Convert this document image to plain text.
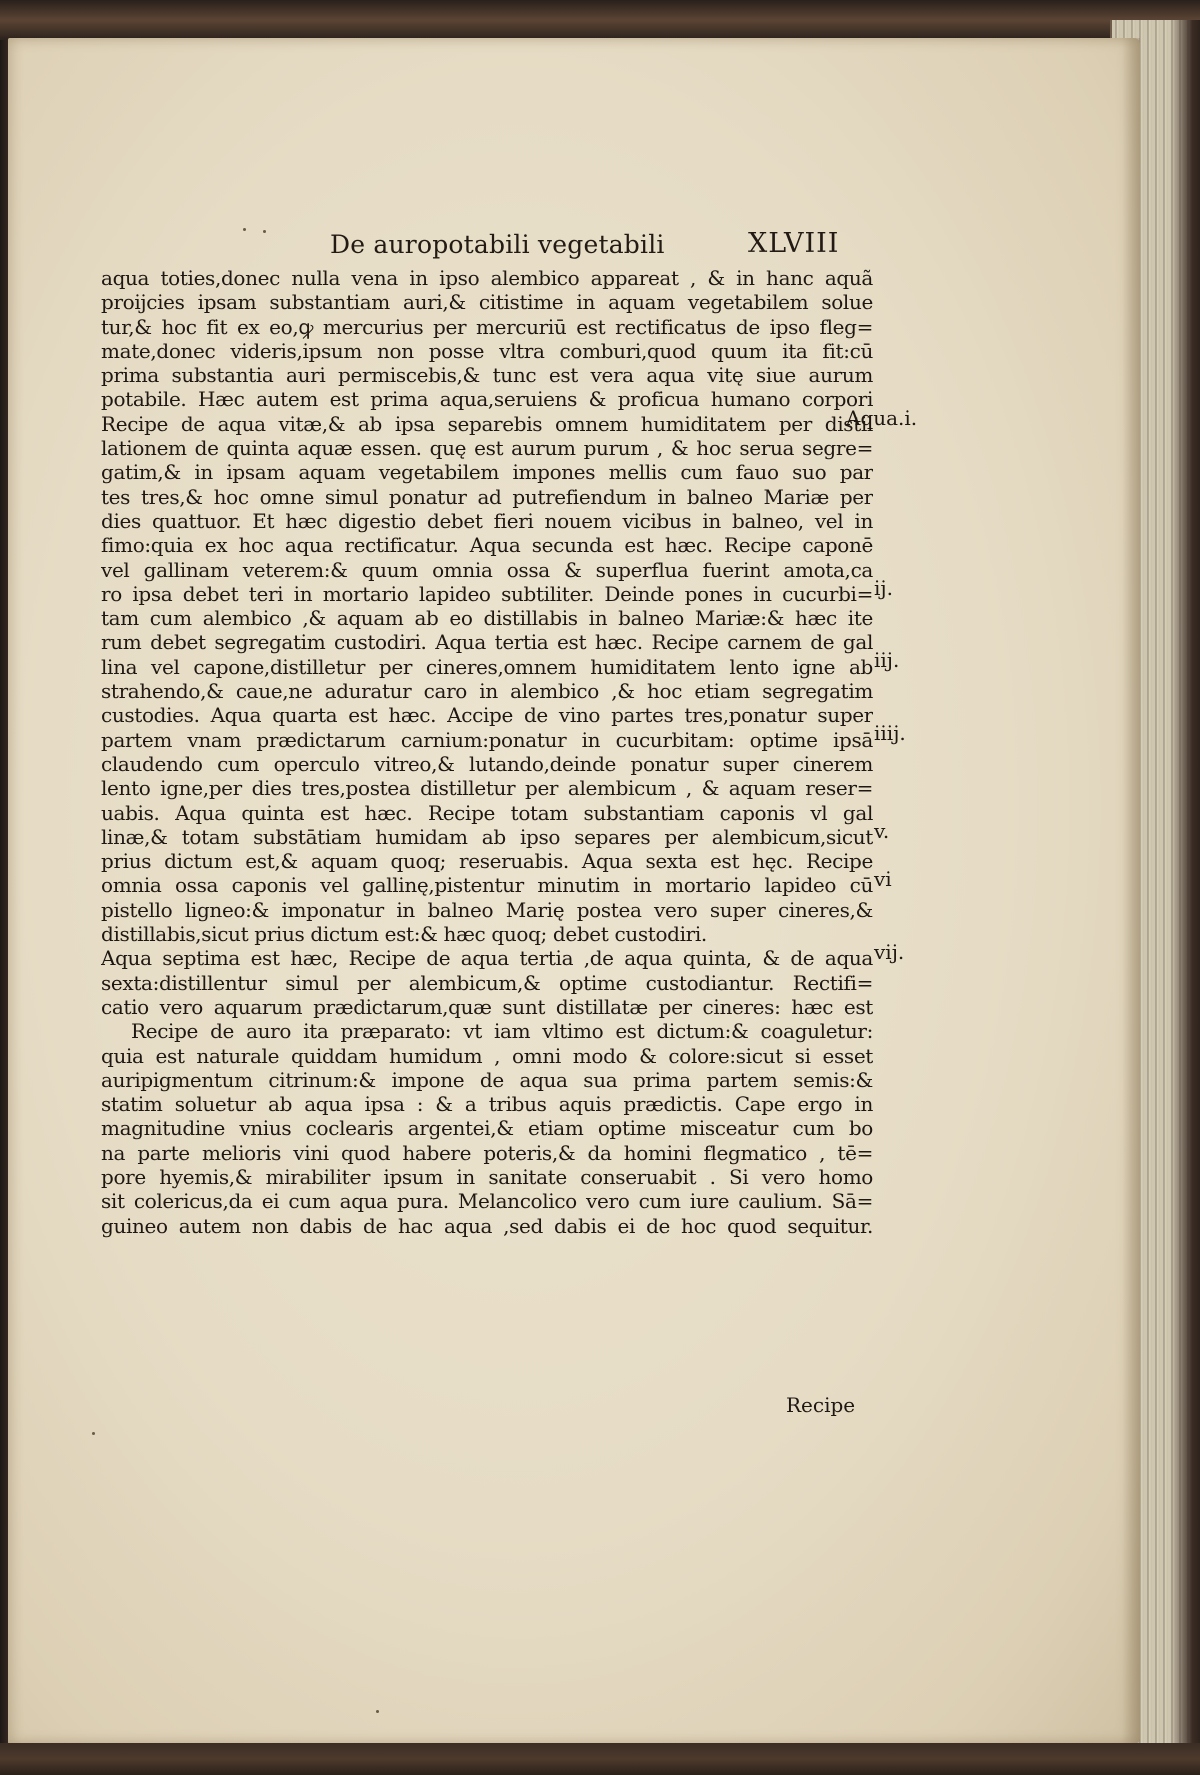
De auropotabili vegetabili	XLVIII
aqua toties,donec nulla vena in ipso alembico appareat , & in hanc aquã
proijcies ipsam substantiam auri,& citistime in aquam vegetabilem solue
tur,& hoc fit ex eo,ꝙ mercurius per mercuriū est rectificatus de ipso fleg=
mate,donec videris,ipsum non posse vltra comburi,quod quum ita fit:cū
prima substantia auri permiscebis,& tunc est vera aqua vitę siue aurum
potabile. Hæc autem est prima aqua,seruiens & proficua humano corpori
Recipe de aqua vitæ,& ab ipsa separebis omnem humiditatem per distil
lationem de quinta aquæ essen. quę est aurum purum , & hoc serua segre=
gatim,& in ipsam aquam vegetabilem impones mellis cum fauo suo par
tes tres,& hoc omne simul ponatur ad putrefiendum in balneo Mariæ per
dies quattuor. Et hæc digestio debet fieri nouem vicibus in balneo, vel in
fimo:quia ex hoc aqua rectificatur. Aqua secunda est hæc. Recipe caponē
vel gallinam veterem:& quum omnia ossa & superflua fuerint amota,ca
ro ipsa debet teri in mortario lapideo subtiliter. Deinde pones in cucurbi=
tam cum alembico ,& aquam ab eo distillabis in balneo Mariæ:& hæc ite
rum debet segregatim custodiri. Aqua tertia est hæc. Recipe carnem de gal
lina vel capone,distilletur per cineres,omnem humiditatem lento igne ab
strahendo,& caue,ne aduratur caro in alembico ,& hoc etiam segregatim
custodies. Aqua quarta est hæc. Accipe de vino partes tres,ponatur super
partem vnam prædictarum carnium:ponatur in cucurbitam: optime ipsā
claudendo cum operculo vitreo,& lutando,deinde ponatur super cinerem
lento igne,per dies tres,postea distilletur per alembicum , & aquam reser=
uabis. Aqua quinta est hæc. Recipe totam substantiam caponis vl gal
linæ,& totam substātiam humidam ab ipso separes per alembicum,sicut
prius dictum est,& aquam quoq; reseruabis. Aqua sexta est hęc. Recipe
omnia ossa caponis vel gallinę,pistentur minutim in mortario lapideo cū
pistello ligneo:& imponatur in balneo Marię postea vero super cineres,&
distillabis,sicut prius dictum est:& hæc quoq; debet custodiri.
Aqua septima est hæc, Recipe de aqua tertia ,de aqua quinta, & de aqua
sexta:distillentur simul per alembicum,& optime custodiantur. Rectifi=
catio vero aquarum prædictarum,quæ sunt distillatæ per cineres: hæc est
Recipe de auro ita præparato: vt iam vltimo est dictum:& coaguletur:
quia est naturale quiddam humidum , omni modo & colore:sicut si esset
auripigmentum citrinum:& impone de aqua sua prima partem semis:&
statim soluetur ab aqua ipsa : & a tribus aquis prædictis. Cape ergo in
magnitudine vnius coclearis argentei,& etiam optime misceatur cum bo
na parte melioris vini quod habere poteris,& da homini flegmatico , tē=
pore hyemis,& mirabiliter ipsum in sanitate conseruabit . Si vero homo
sit colericus,da ei cum aqua pura. Melancolico vero cum iure caulium. Sā=
guineo autem non dabis de hac aqua ,sed dabis ei de hoc quod sequitur.
Recipe
Aqua.i.
ij.
iij.
iiij.
v.
vi
vij.
